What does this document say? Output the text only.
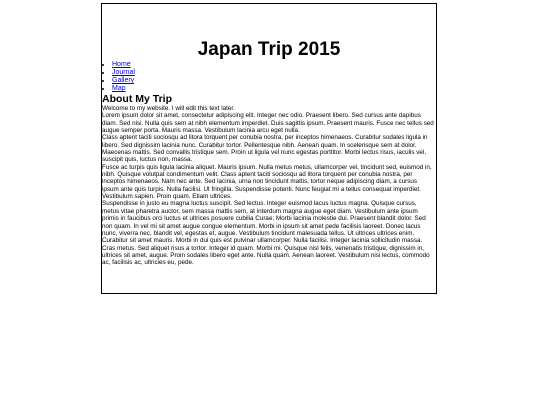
Japan Trip 2015
• Home
• Journal
• Gallery
• Map
About My Trip

Welcome to my website. I will edit this text later.

Lorem ipsum dolor sit amet, consectetur adipiscing elit. Integer nec odio. Praesent libero. Sed cursus ante dapibus diam. Sed nisi. Nulla quis sem at nibh elementum imperdiet. Duis sagittis ipsum. Praesent mauris. Fusce nec tellus sed augue semper porta. Mauris massa. Vestibulum lacinia arcu eget nulla.

Class aptent taciti sociosqu ad litora torquent per conubia nostra, per inceptos himenaeos. Curabitur sodales ligula in libero. Sed dignissim lacinia nunc. Curabitur tortor. Pellentesque nibh. Aenean quam. In scelerisque sem at dolor. Maecenas mattis. Sed convallis tristique sem. Proin ut ligula vel nunc egestas porttitor. Morbi lectus risus, iaculis vel, suscipit quis, luctus non, massa.

Fusce ac turpis quis ligula lacinia aliquet. Mauris ipsum. Nulla metus metus, ullamcorper vel, tincidunt sed, euismod in, nibh. Quisque volutpat condimentum velit. Class aptent taciti sociosqu ad litora torquent per conubia nostra, per inceptos himenaeos. Nam nec ante. Sed lacinia, urna non tincidunt mattis, tortor neque adipiscing diam, a cursus ipsum ante quis turpis. Nulla facilisi. Ut fringilla. Suspendisse potenti. Nunc feugiat mi a tellus consequat imperdiet. Vestibulum sapien. Proin quam. Etiam ultrices.

Suspendisse in justo eu magna luctus suscipit. Sed lectus. Integer euismod lacus luctus magna. Quisque cursus, metus vitae pharetra auctor, sem massa mattis sem, at interdum magna augue eget diam. Vestibulum ante ipsum primis in faucibus orci luctus et ultrices posuere cubilia Curae; Morbi lacinia molestie dui. Praesent blandit dolor. Sed non quam. In vel mi sit amet augue congue elementum. Morbi in ipsum sit amet pede facilisis laoreet. Donec lacus nunc, viverra nec, blandit vel, egestas et, augue. Vestibulum tincidunt malesuada tellus. Ut ultrices ultrices enim. Curabitur sit amet mauris. Morbi in dui quis est pulvinar ullamcorper. Nulla facilisi. Integer lacinia sollicitudin massa. Cras metus. Sed aliquet risus a tortor. Integer id quam. Morbi mi. Quisque nisl felis, venenatis tristique, dignissim in, ultrices sit amet, augue. Proin sodales libero eget ante. Nulla quam. Aenean laoreet. Vestibulum nisi lectus, commodo ac, facilisis ac, ultricies eu, pede.
